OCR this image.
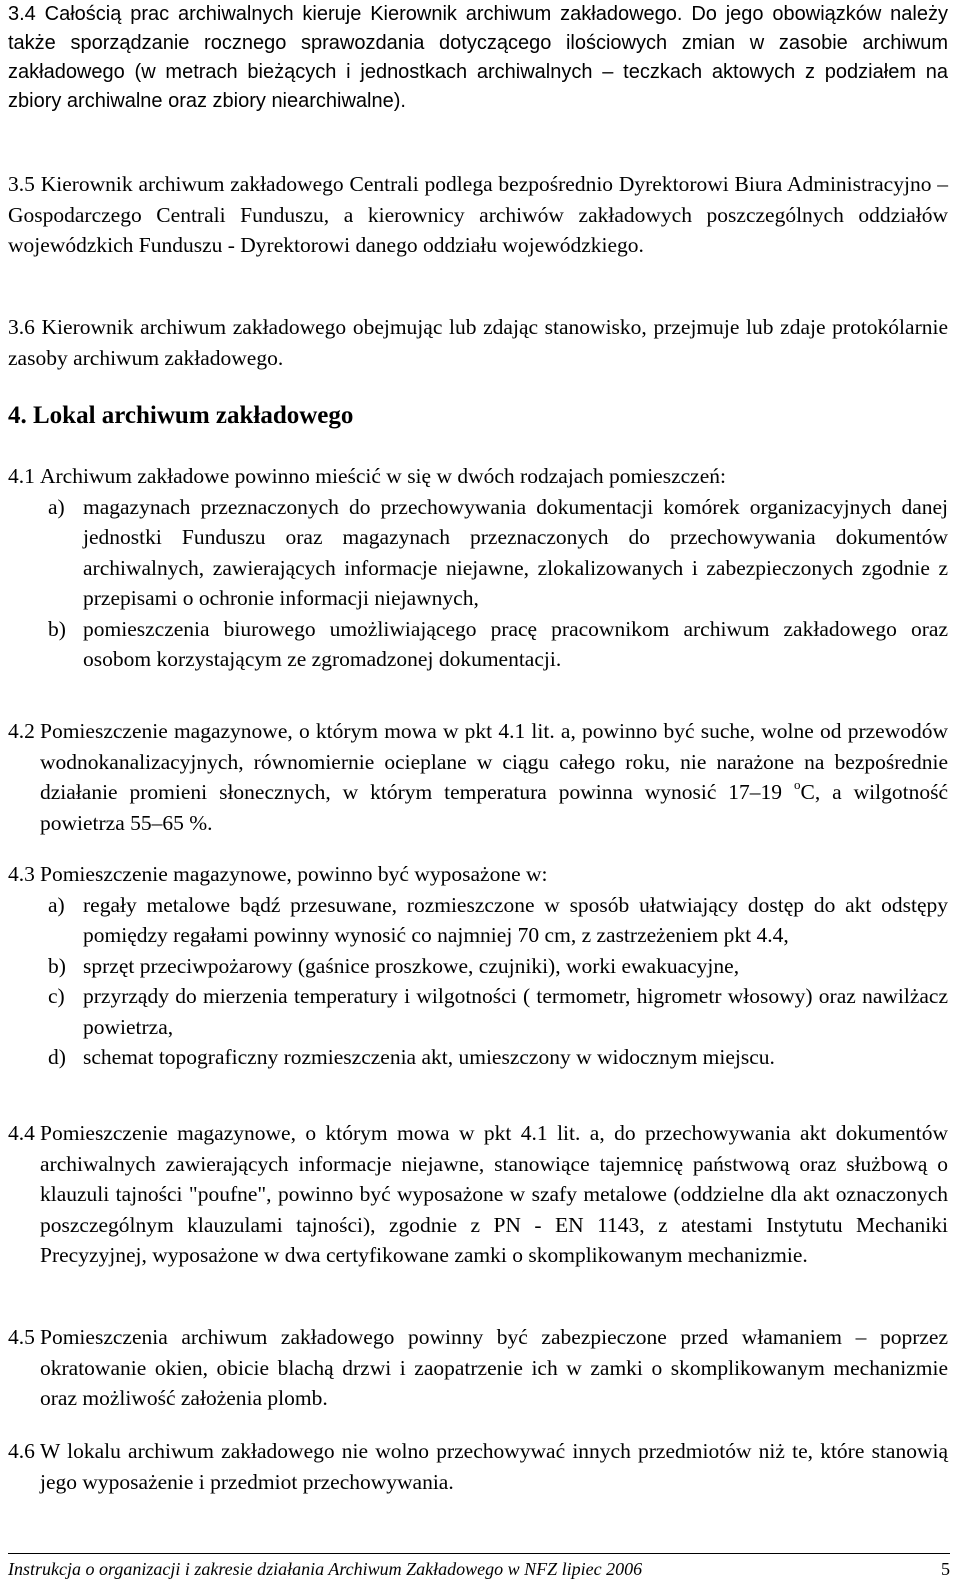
3.4 Całością prac archiwalnych kieruje Kierownik archiwum zakładowego. Do jego obowiązków należy także sporządzanie rocznego sprawozdania dotyczącego ilościowych zmian w zasobie archiwum zakładowego (w metrach bieżących i jednostkach archiwalnych – teczkach aktowych z podziałem na zbiory archiwalne oraz zbiory niearchiwalne).

3.5 Kierownik archiwum zakładowego Centrali podlega bezpośrednio Dyrektorowi Biura Administracyjno – Gospodarczego Centrali Funduszu, a kierownicy archiwów zakładowych poszczególnych oddziałów wojewódzkich Funduszu - Dyrektorowi danego oddziału wojewódzkiego.

3.6 Kierownik archiwum zakładowego obejmując lub zdając stanowisko, przejmuje lub zdaje protokólarnie zasoby archiwum zakładowego.

4. Lokal archiwum zakładowego
4.1 Archiwum zakładowe powinno mieścić w się w dwóch rodzajach pomieszczeń:
a) magazynach przeznaczonych do przechowywania dokumentacji komórek organizacyjnych danej jednostki Funduszu oraz magazynach przeznaczonych do przechowywania dokumentów archiwalnych, zawierających informacje niejawne, zlokalizowanych i zabezpieczonych zgodnie z przepisami o ochronie informacji niejawnych,
b) pomieszczenia biurowego umożliwiającego pracę pracownikom archiwum zakładowego oraz osobom korzystającym ze zgromadzonej dokumentacji.
4.2 Pomieszczenie magazynowe, o którym mowa w pkt 4.1 lit. a, powinno być suche, wolne od przewodów wodnokanalizacyjnych, równomiernie ocieplane w ciągu całego roku, nie narażone na bezpośrednie działanie promieni słonecznych, w którym temperatura powinna wynosić 17–19 $^o$C, a wilgotność powietrza 55–65 %.
4.3 Pomieszczenie magazynowe, powinno być wyposażone w:
a) regały metalowe bądź przesuwane, rozmieszczone w sposób ułatwiający dostęp do akt odstępy pomiędzy regałami powinny wynosić co najmniej 70 cm, z zastrzeżeniem pkt 4.4,
b) sprzęt przeciwpożarowy (gaśnice proszkowe, czujniki), worki ewakuacyjne,
c) przyrządy do mierzenia temperatury i wilgotności ( termometr, higrometr włosowy) oraz nawilżacz powietrza,
d) schemat topograficzny rozmieszczenia akt, umieszczony w widocznym miejscu.
4.4 Pomieszczenie magazynowe, o którym mowa w pkt 4.1 lit. a, do przechowywania akt dokumentów archiwalnych zawierających informacje niejawne, stanowiące tajemnicę państwową oraz służbową o klauzuli tajności "poufne", powinno być wyposażone w szafy metalowe (oddzielne dla akt oznaczonych poszczególnym klauzulami tajności), zgodnie z PN - EN 1143, z atestami Instytutu Mechaniki Precyzyjnej, wyposażone w dwa certyfikowane zamki o skomplikowanym mechanizmie.
4.5 Pomieszczenia archiwum zakładowego powinny być zabezpieczone przed włamaniem – poprzez okratowanie okien, obicie blachą drzwi i zaopatrzenie ich w zamki o skomplikowanym mechanizmie oraz możliwość założenia plomb.
4.6 W lokalu archiwum zakładowego nie wolno przechowywać innych przedmiotów niż te, które stanowią jego wyposażenie i przedmiot przechowywania.
Instrukcja o organizacji i zakresie działania Archiwum Zakładowego w NFZ lipiec 2006	5
